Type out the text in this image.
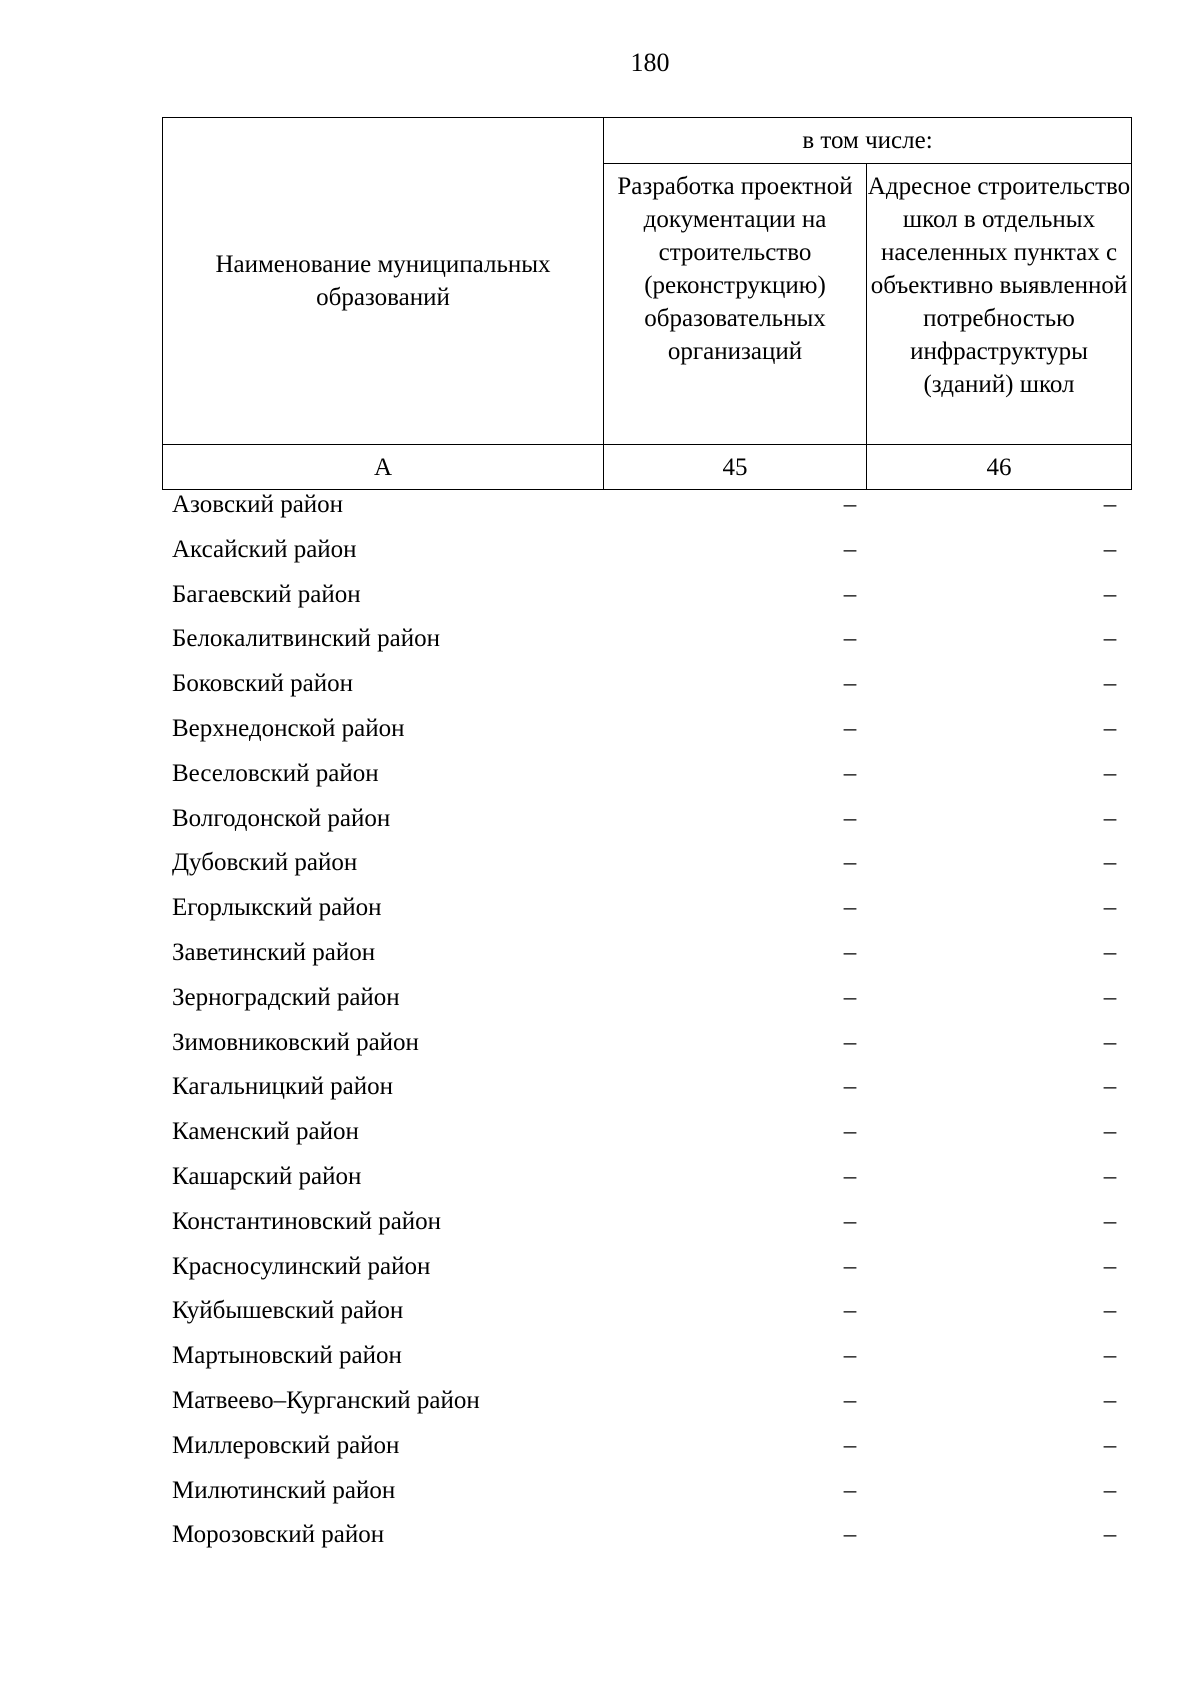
180
Наименование муниципальных образований	в том числе:	
	Разработка проектной документации на строительство (реконструкцию) образовательных организаций	Адресное строительство школ в отдельных населенных пунктах с объективно выявленной потребностью инфраструктуры (зданий) школ
А	45	46
Азовский район	–	–
Аксайский район	–	–
Багаевский район	–	–
Белокалитвинский район	–	–
Боковский район	–	–
Верхнедонской район	–	–
Веселовский район	–	–
Волгодонской район	–	–
Дубовский район	–	–
Егорлыкский район	–	–
Заветинский район	–	–
Зерноградский район	–	–
Зимовниковский район	–	–
Кагальницкий район	–	–
Каменский район	–	–
Кашарский район	–	–
Константиновский район	–	–
Красносулинский район	–	–
Куйбышевский район	–	–
Мартыновский район	–	–
Матвеево–Курганский район	–	–
Миллеровский район	–	–
Милютинский район	–	–
Морозовский район	–	–
